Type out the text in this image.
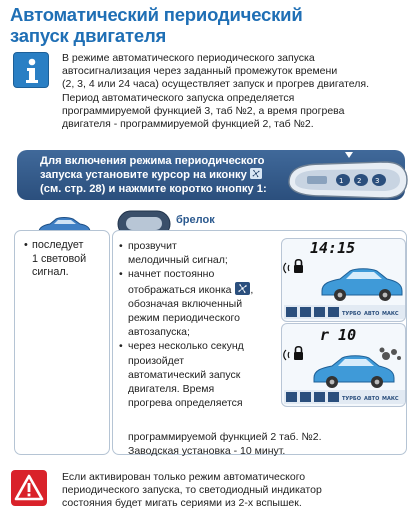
Автоматический периодический
запуск двигателя

В режиме автоматического периодического запуска
автосигнализация через заданный промежуток времени
(2, 3, 4 или 24 часа) осуществляет запуск и прогрев двигателя.

Период автоматического запуска определяется
программируемой функцией 3, таб №2, а время прогрева
двигателя - программируемой функцией 2, таб №2.

Для включения режима периодического
запуска установите курсор на иконку
(см. стр. 28) и нажмите коротко кнопку 1:
1 2 3
брелок
• последует
1 световой
сигнал.
• прозвучит
мелодичный сигнал;
• начнет постоянно
отображаться иконка ,
обозначая включенный
режим периодического
автозапуска;
• через несколько секунд
произойдет
автоматический запуск
двигателя. Время
прогрева определяется
программируемой функцией 2 таб. №2.
Заводская установка - 10 минут.
14:15
ТУРБО АВТО МАКС
r 10
ТУРБО АВТО МАКС
Если активирован только режим автоматического
периодического запуска, то светодиодный индикатор
состояния будет мигать сериями из 2-х вспышек.
